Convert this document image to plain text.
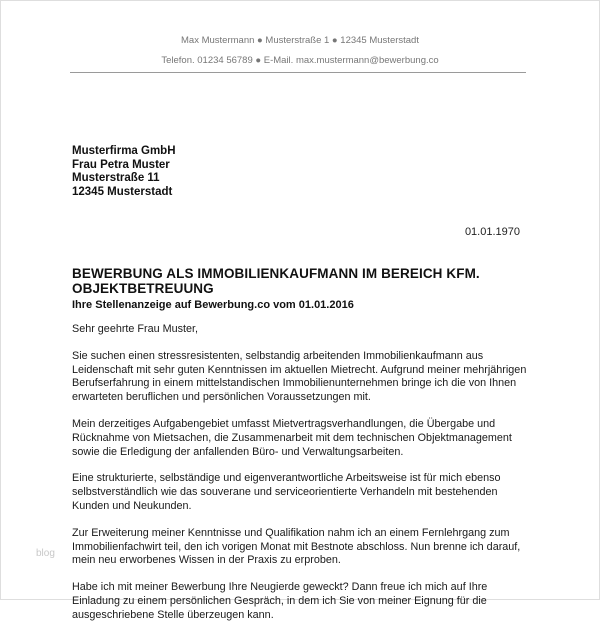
Max Mustermann ● Musterstraße 1 ● 12345 Musterstadt
Telefon. 01234 56789 ● E-Mail. max.mustermann@bewerbung.co
Musterfirma GmbH
Frau Petra Muster
Musterstraße 11
12345 Musterstadt
01.01.1970
BEWERBUNG ALS IMMOBILIENKAUFMANN IM BEREICH KFM. OBJEKTBETREUUNG
Ihre Stellenanzeige auf Bewerbung.co vom 01.01.2016

Sehr geehrte Frau Muster,

Sie suchen einen stressresistenten, selbstandig arbeitenden Immobilienkaufmann aus Leidenschaft mit sehr guten Kenntnissen im aktuellen Mietrecht. Aufgrund meiner mehrjährigen Berufserfahrung in einem mittelstandischen Immobilienunternehmen bringe ich die von Ihnen erwarteten beruflichen und persönlichen Voraussetzungen mit.

Mein derzeitiges Aufgabengebiet umfasst Mietvertragsverhandlungen, die Übergabe und Rücknahme von Mietsachen, die Zusammenarbeit mit dem technischen Objektmanagement sowie die Erledigung der anfallenden Büro- und Verwaltungsarbeiten.

Eine strukturierte, selbständige und eigenverantwortliche Arbeitsweise ist für mich ebenso selbstverständlich wie das souverane und serviceorientierte Verhandeln mit bestehenden Kunden und Neukunden.

Zur Erweiterung meiner Kenntnisse und Qualifikation nahm ich an einem Fernlehrgang zum Immobilienfachwirt teil, den ich vorigen Monat mit Bestnote abschloss. Nun brenne ich darauf, mein neu erworbenes Wissen in der Praxis zu erproben.

Habe ich mit meiner Bewerbung Ihre Neugierde geweckt? Dann freue ich mich auf Ihre Einladung zu einem persönlichen Gespräch, in dem ich Sie von meiner Eignung für die ausgeschriebene Stelle überzeugen kann.

blog
